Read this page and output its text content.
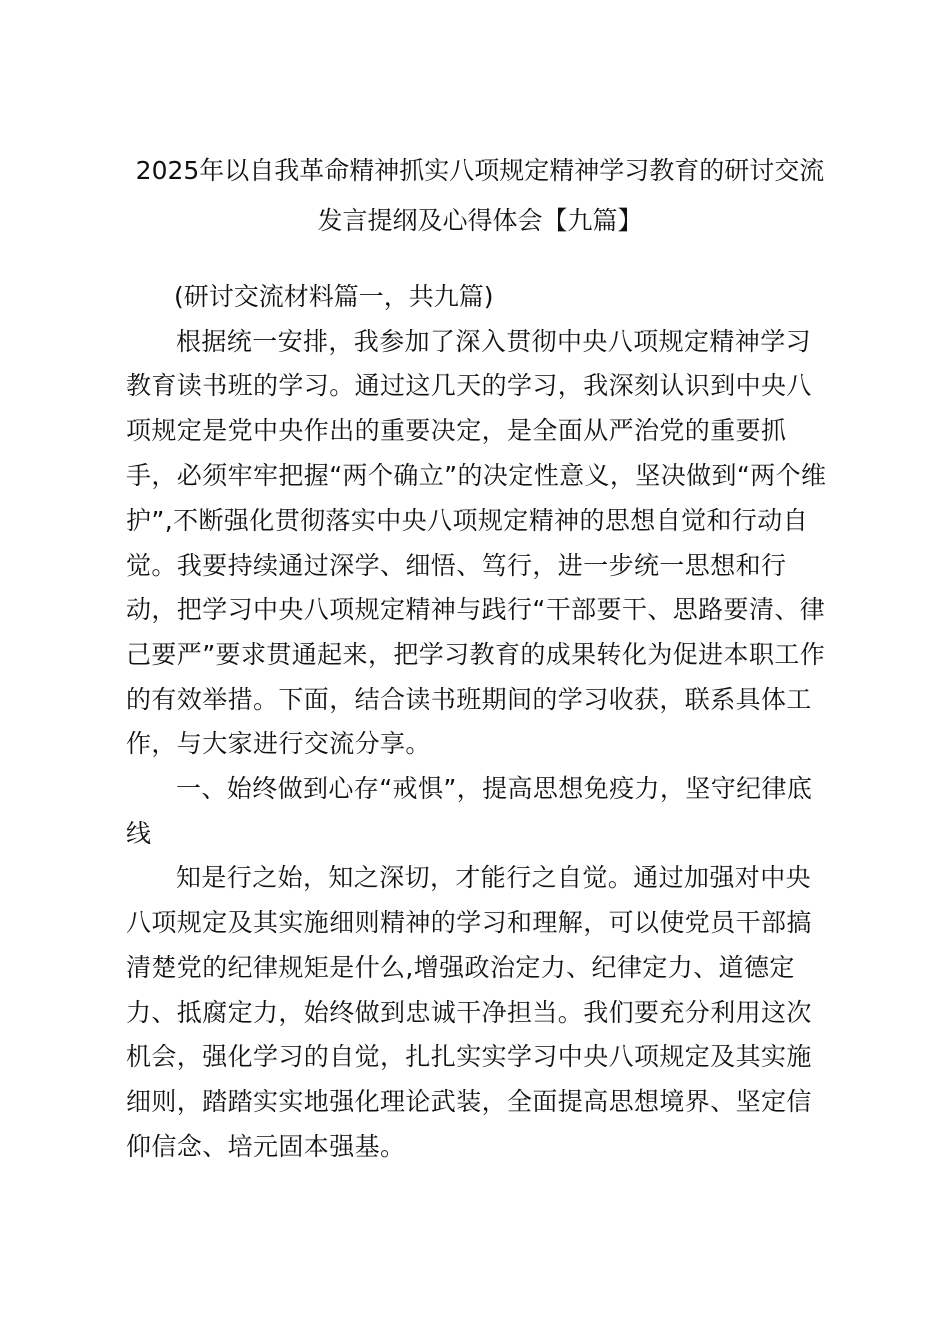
2025年以自我革命精神抓实八项规定精神学习教育的研讨交流
发言提纲及心得体会【九篇】
(研讨交流材料篇一，共九篇)
根据统一安排，我参加了深入贯彻中央八项规定精神学习
教育读书班的学习。通过这几天的学习，我深刻认识到中央八
项规定是党中央作出的重要决定，是全面从严治党的重要抓
手，必须牢牢把握“两个确立”的决定性意义，坚决做到“两个维
护”,不断强化贯彻落实中央八项规定精神的思想自觉和行动自
觉。我要持续通过深学、细悟、笃行，进一步统一思想和行
动，把学习中央八项规定精神与践行“干部要干、思路要清、律
己要严”要求贯通起来，把学习教育的成果转化为促进本职工作
的有效举措。下面，结合读书班期间的学习收获，联系具体工
作，与大家进行交流分享。
一、始终做到心存“戒惧”，提高思想免疫力，坚守纪律底
线
知是行之始，知之深切，才能行之自觉。通过加强对中央
八项规定及其实施细则精神的学习和理解，可以使党员干部搞
清楚党的纪律规矩是什么,增强政治定力、纪律定力、道德定
力、抵腐定力，始终做到忠诚干净担当。我们要充分利用这次
机会，强化学习的自觉，扎扎实实学习中央八项规定及其实施
细则，踏踏实实地强化理论武装，全面提高思想境界、坚定信
仰信念、培元固本强基。
